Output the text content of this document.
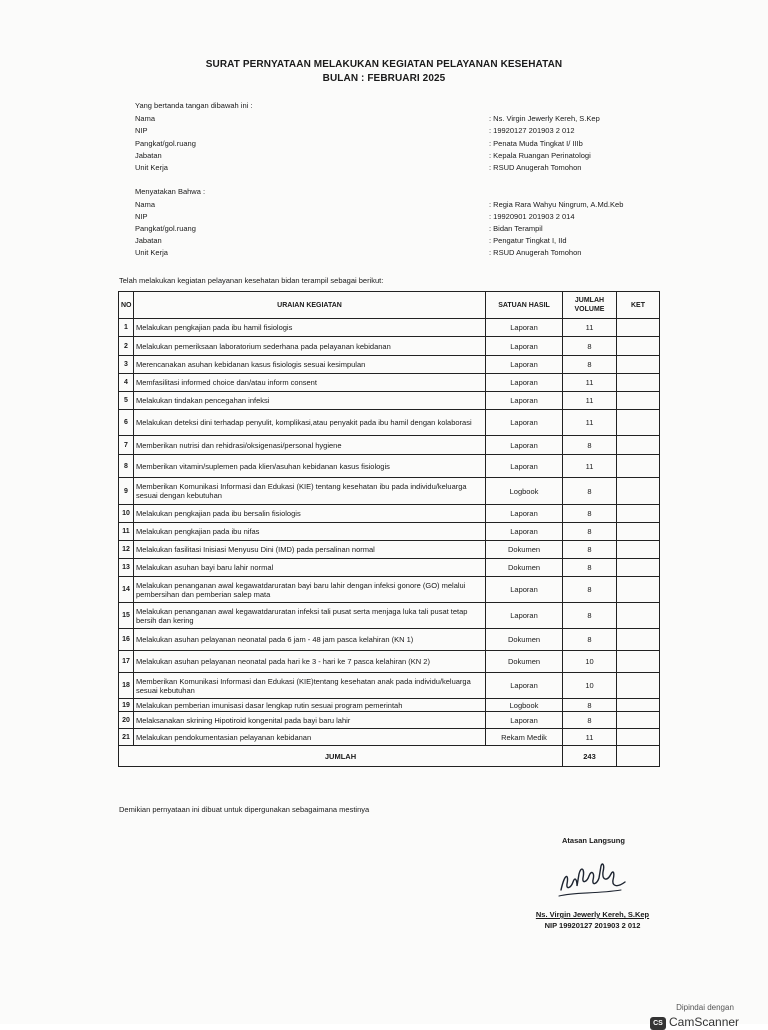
SURAT PERNYATAAN MELAKUKAN KEGIATAN PELAYANAN KESEHATAN
BULAN : FEBRUARI 2025
Yang bertanda tangan dibawah ini :
Nama	: Ns. Virgin Jewerly Kereh, S.Kep
NIP	: 19920127 201903 2 012
Pangkat/gol.ruang	: Penata Muda Tingkat I/ IIIb
Jabatan	: Kepala Ruangan Perinatologi
Unit Kerja	: RSUD Anugerah Tomohon
Menyatakan Bahwa :
Nama	: Regia Rara Wahyu Ningrum, A.Md.Keb
NIP	: 19920901 201903 2 014
Pangkat/gol.ruang	: Bidan Terampil
Jabatan	: Pengatur Tingkat I, IId
Unit Kerja	: RSUD Anugerah Tomohon
Telah melakukan kegiatan pelayanan kesehatan bidan terampil sebagai berikut:
NO	URAIAN KEGIATAN	SATUAN HASIL	JUMLAH VOLUME	KET
1	Melakukan pengkajian pada ibu hamil fisiologis	Laporan	11	
2	Melakukan pemeriksaan laboratorium sederhana pada pelayanan kebidanan	Laporan	8	
3	Merencanakan asuhan kebidanan kasus fisiologis sesuai kesimpulan	Laporan	8	
4	Memfasilitasi informed choice dan/atau inform consent	Laporan	11	
5	Melakukan tindakan pencegahan infeksi	Laporan	11	
6	Melakukan deteksi dini terhadap penyulit, komplikasi,atau penyakit pada ibu hamil dengan kolaborasi	Laporan	11	
7	Memberikan nutrisi dan rehidrasi/oksigenasi/personal hygiene	Laporan	8	
8	Memberikan vitamin/suplemen pada klien/asuhan kebidanan kasus fisiologis	Laporan	11	
9	Memberikan Komunikasi Informasi dan Edukasi (KIE) tentang kesehatan ibu pada individu/keluarga sesuai dengan kebutuhan	Logbook	8	
10	Melakukan pengkajian pada ibu bersalin fisiologis	Laporan	8	
11	Melakukan pengkajian pada ibu nifas	Laporan	8	
12	Melakukan fasilitasi Inisiasi Menyusu Dini (IMD) pada persalinan normal	Dokumen	8	
13	Melakukan asuhan bayi baru lahir normal	Dokumen	8	
14	Melakukan penanganan awal kegawatdaruratan bayi baru lahir dengan infeksi gonore (GO) melalui pembersihan dan pemberian salep mata	Laporan	8	
15	Melakukan penanganan awal kegawatdaruratan infeksi tali pusat serta menjaga luka tali pusat tetap bersih dan kering	Laporan	8	
16	Melakukan asuhan pelayanan neonatal pada 6 jam - 48 jam pasca kelahiran (KN 1)	Dokumen	8	
17	Melakukan asuhan pelayanan neonatal pada hari ke 3 - hari ke 7 pasca kelahiran (KN 2)	Dokumen	10	
18	Memberikan Komunikasi Informasi dan Edukasi (KIE)tentang kesehatan anak pada individu/keluarga sesuai kebutuhan	Laporan	10	
19	Melakukan pemberian imunisasi dasar lengkap rutin sesuai program pemerintah	Logbook	8	
20	Melaksanakan skrining Hipotiroid kongenital pada bayi baru lahir	Laporan	8	
21	Melakukan pendokumentasian pelayanan kebidanan	Rekam Medik	11	
JUMLAH			243	
Demikian pernyataan ini dibuat untuk dipergunakan sebagaimana mestinya
Atasan Langsung
Ns. Virgin Jewerly Kereh, S.Kep
NIP 19920127 201903 2 012
Dipindai dengan
CS CamScanner
